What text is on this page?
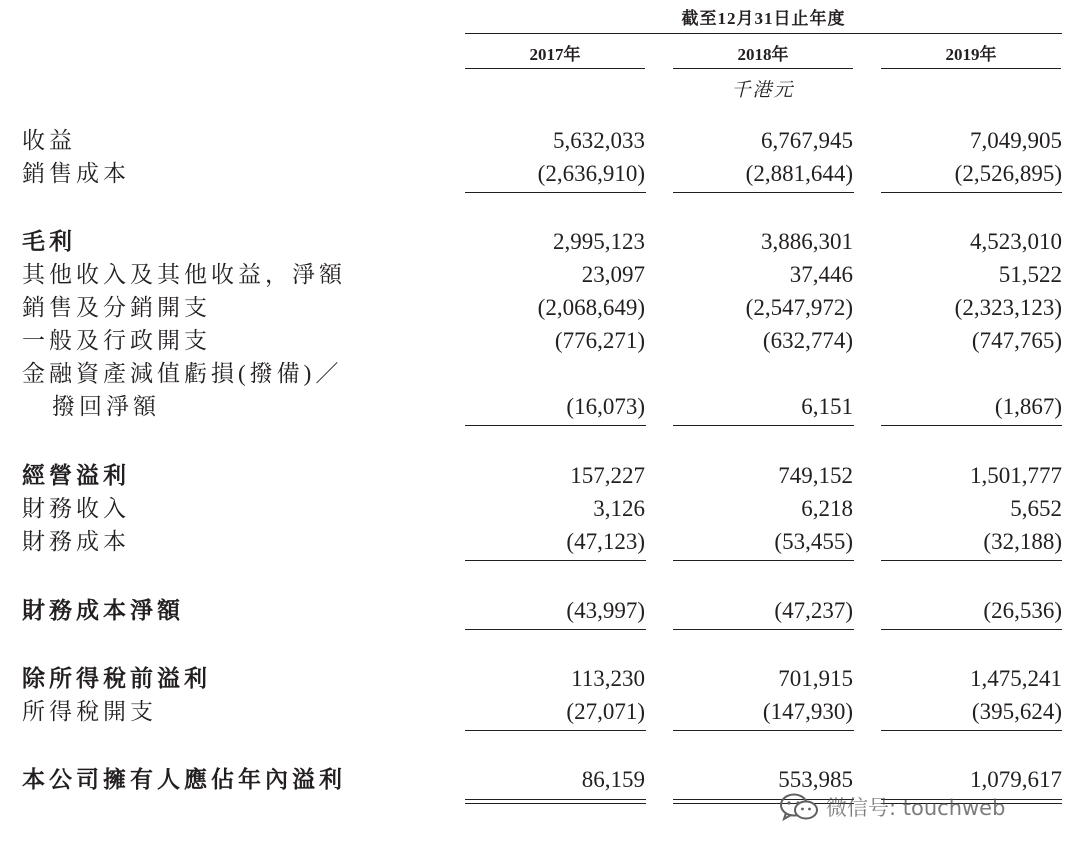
截至12月31日止年度
2017年	2018年	2019年
千港元
收益	5,632,033	6,767,945	7,049,905
銷售成本	(2,636,910)	(2,881,644)	(2,526,895)
毛利	2,995,123	3,886,301	4,523,010
其他收入及其他收益，淨額	23,097	37,446	51,522
銷售及分銷開支	(2,068,649)	(2,547,972)	(2,323,123)
一般及行政開支	(776,271)	(632,774)	(747,765)
金融資產減值虧損(撥備)／
撥回淨額	(16,073)	6,151	(1,867)
經營溢利	157,227	749,152	1,501,777
財務收入	3,126	6,218	5,652
財務成本	(47,123)	(53,455)	(32,188)
財務成本淨額	(43,997)	(47,237)	(26,536)
除所得稅前溢利	113,230	701,915	1,475,241
所得稅開支	(27,071)	(147,930)	(395,624)
本公司擁有人應佔年內溢利	86,159	553,985	1,079,617
微信号: touchweb
